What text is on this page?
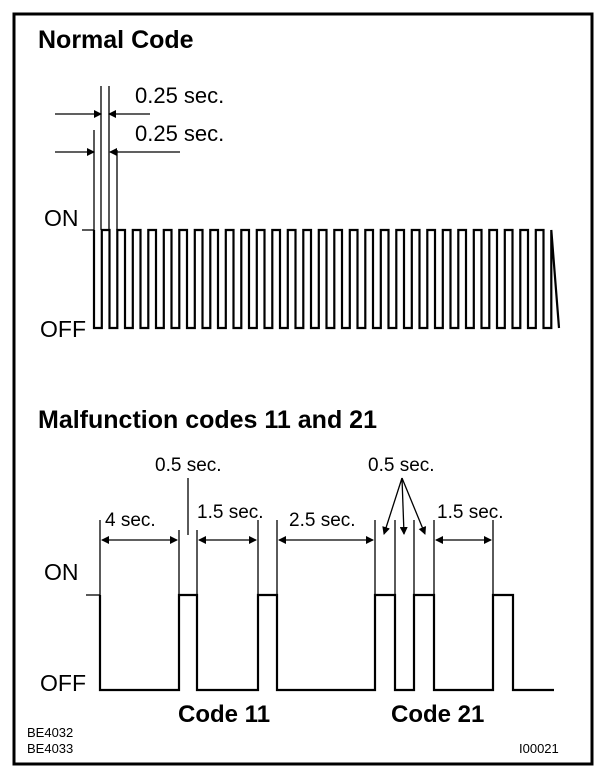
Normal Code
0.25 sec.
0.25 sec.
ON
OFF
Malfunction codes 11 and 21
ON
OFF
4 sec.
0.5 sec.
1.5 sec. 2.5 sec.
0.5 sec.
1.5 sec.
Code 11	Code 21
BE4032
BE4033	I00021
